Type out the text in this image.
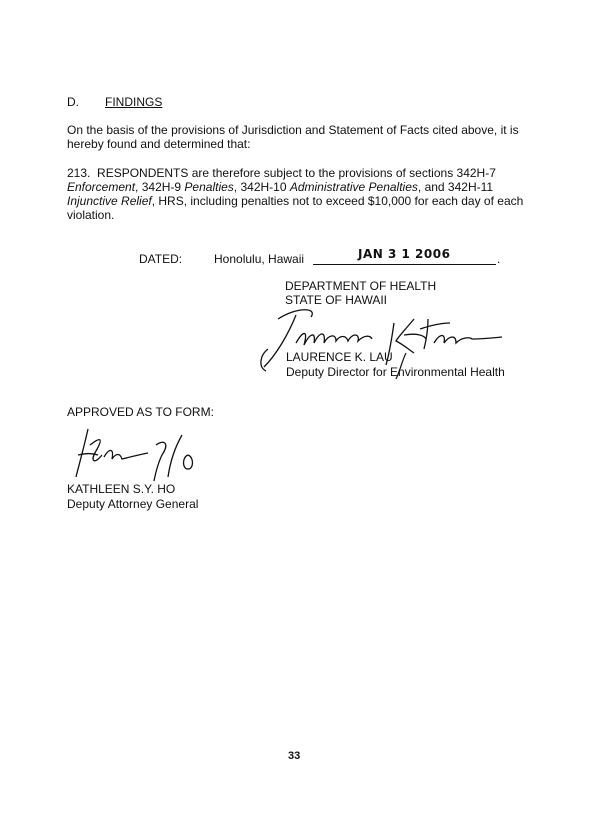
D. FINDINGS
On the basis of the provisions of Jurisdiction and Statement of Facts cited above, it is hereby found and determined that:
213. RESPONDENTS are therefore subject to the provisions of sections 342H-7 Enforcement, 342H-9 Penalties, 342H-10 Administrative Penalties, and 342H-11 Injunctive Relief, HRS, including penalties not to exceed $10,000 for each day of each violation.
DATED:	Honolulu, Hawaii	JAN 3 1 2006	.
DEPARTMENT OF HEALTH
STATE OF HAWAII
LAURENCE K. LAU
Deputy Director for Environmental Health
APPROVED AS TO FORM:
KATHLEEN S.Y. HO
Deputy Attorney General
33
